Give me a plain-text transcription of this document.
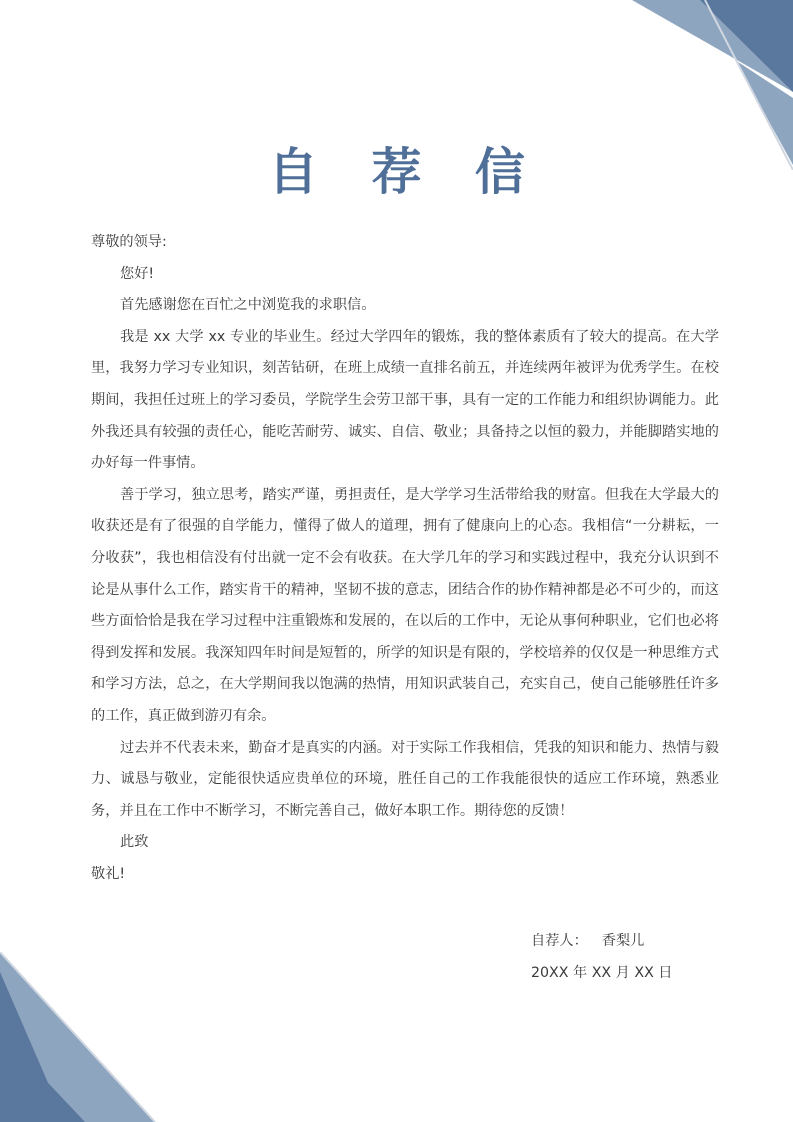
自 荐 信

尊敬的领导:

您好!

首先感谢您在百忙之中浏览我的求职信。

我是 xx 大学 xx 专业的毕业生。经过大学四年的锻炼，我的整体素质有了较大的提高。在大学里，我努力学习专业知识，刻苦钻研，在班上成绩一直排名前五，并连续两年被评为优秀学生。在校期间，我担任过班上的学习委员，学院学生会劳卫部干事，具有一定的工作能力和组织协调能力。此外我还具有较强的责任心，能吃苦耐劳、诚实、自信、敬业；具备持之以恒的毅力，并能脚踏实地的办好每一件事情。

善于学习，独立思考，踏实严谨，勇担责任，是大学学习生活带给我的财富。但我在大学最大的收获还是有了很强的自学能力，懂得了做人的道理，拥有了健康向上的心态。我相信“一分耕耘，一分收获”，我也相信没有付出就一定不会有收获。在大学几年的学习和实践过程中，我充分认识到不论是从事什么工作，踏实肯干的精神，坚韧不拔的意志，团结合作的协作精神都是必不可少的，而这些方面恰恰是我在学习过程中注重锻炼和发展的，在以后的工作中，无论从事何种职业，它们也必将得到发挥和发展。我深知四年时间是短暂的，所学的知识是有限的，学校培养的仅仅是一种思维方式和学习方法，总之，在大学期间我以饱满的热情，用知识武装自己，充实自己，使自己能够胜任许多的工作，真正做到游刃有余。

过去并不代表未来，勤奋才是真实的内涵。对于实际工作我相信，凭我的知识和能力、热情与毅力、诚恳与敬业，定能很快适应贵单位的环境，胜任自己的工作我能很快的适应工作环境，熟悉业务，并且在工作中不断学习，不断完善自己，做好本职工作。期待您的反馈！

此致

敬礼!

自荐人： 香梨儿

20XX 年 XX 月 XX 日
